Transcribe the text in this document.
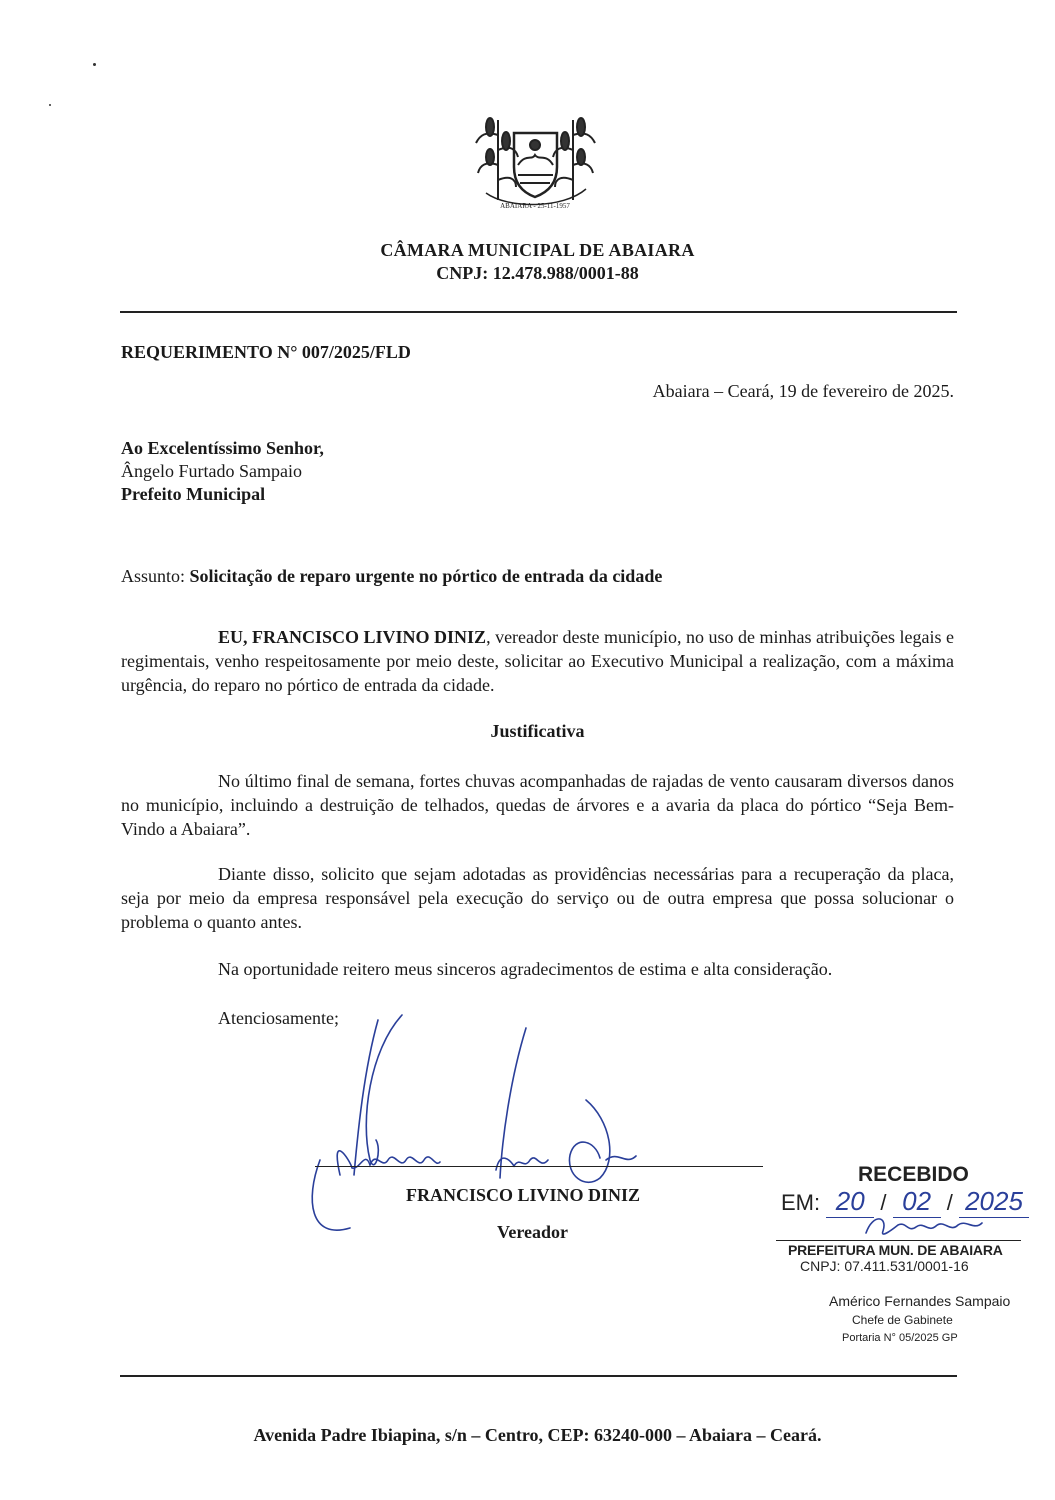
ABAIARA - 25-11-1957
CÂMARA MUNICIPAL DE ABAIARA
CNPJ: 12.478.988/0001-88
REQUERIMENTO N° 007/2025/FLD
Abaiara – Ceará, 19 de fevereiro de 2025.
Ao Excelentíssimo Senhor,
Ângelo Furtado Sampaio
Prefeito Municipal
Assunto: Solicitação de reparo urgente no pórtico de entrada da cidade
EU, FRANCISCO LIVINO DINIZ, vereador deste município, no uso de minhas atribuições legais e regimentais, venho respeitosamente por meio deste, solicitar ao Executivo Municipal a realização, com a máxima urgência, do reparo no pórtico de entrada da cidade.
Justificativa
No último final de semana, fortes chuvas acompanhadas de rajadas de vento causaram diversos danos no município, incluindo a destruição de telhados, quedas de árvores e a avaria da placa do pórtico “Seja Bem-Vindo a Abaiara”.
Diante disso, solicito que sejam adotadas as providências necessárias para a recuperação da placa, seja por meio da empresa responsável pela execução do serviço ou de outra empresa que possa solucionar o problema o quanto antes.
Na oportunidade reitero meus sinceros agradecimentos de estima e alta consideração.
Atenciosamente;
FRANCISCO LIVINO DINIZ
Vereador
RECEBIDO
EM: 20 / 02 / 2025
PREFEITURA MUN. DE ABAIARA
CNPJ: 07.411.531/0001-16
Américo Fernandes Sampaio
Chefe de Gabinete
Portaria N° 05/2025 GP
Avenida Padre Ibiapina, s/n – Centro, CEP: 63240-000 – Abaiara – Ceará.
